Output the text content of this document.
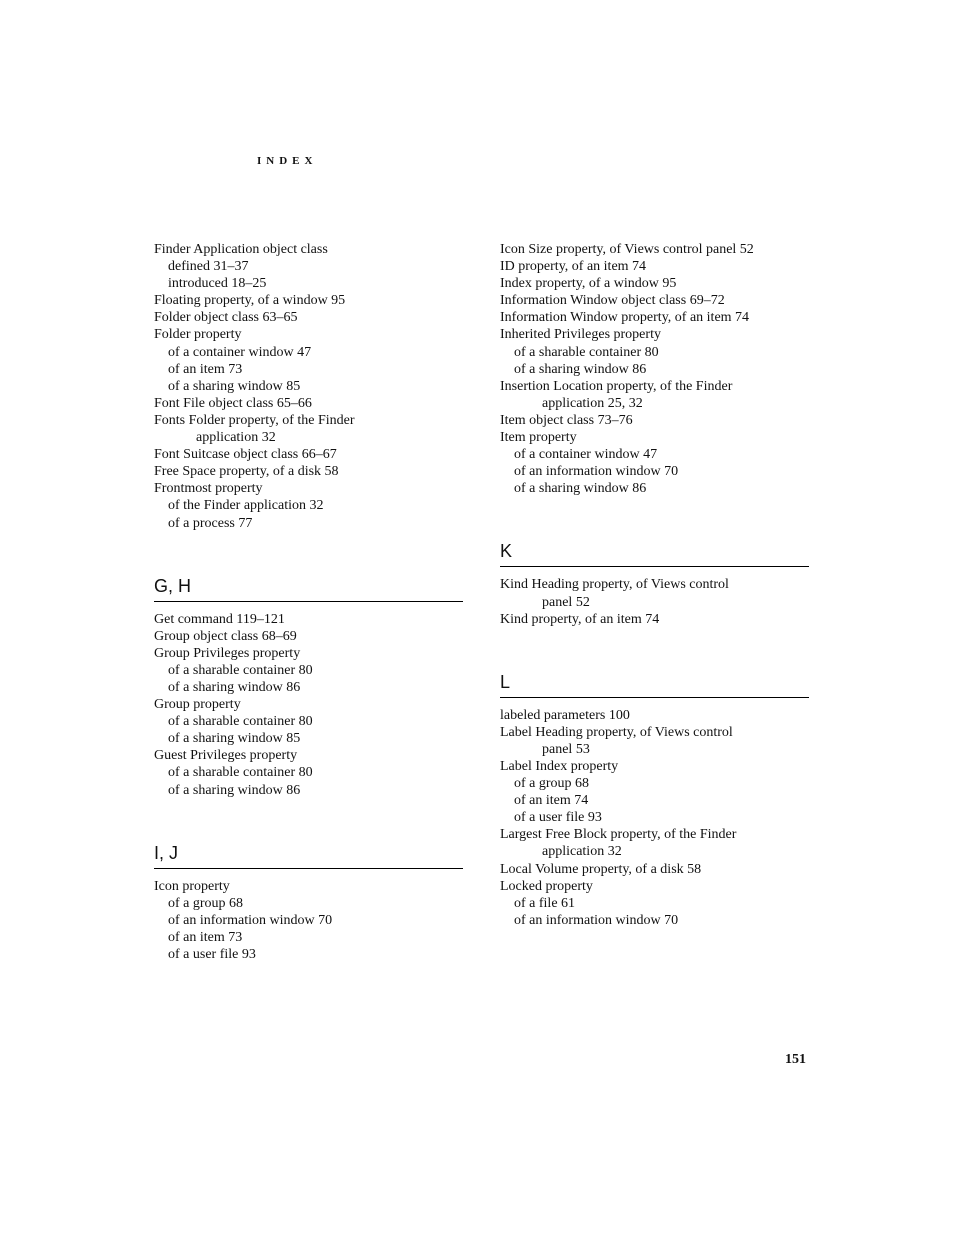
INDEX
Finder Application object class
defined 31–37
introduced 18–25
Floating property, of a window 95
Folder object class 63–65
Folder property
of a container window 47
of an item 73
of a sharing window 85
Font File object class 65–66
Fonts Folder property, of the Finder
application 32
Font Suitcase object class 66–67
Free Space property, of a disk 58
Frontmost property
of the Finder application 32
of a process 77
G, H
Get command 119–121
Group object class 68–69
Group Privileges property
of a sharable container 80
of a sharing window 86
Group property
of a sharable container 80
of a sharing window 85
Guest Privileges property
of a sharable container 80
of a sharing window 86
I, J
Icon property
of a group 68
of an information window 70
of an item 73
of a user file 93
Icon Size property, of Views control panel 52
ID property, of an item 74
Index property, of a window 95
Information Window object class 69–72
Information Window property, of an item 74
Inherited Privileges property
of a sharable container 80
of a sharing window 86
Insertion Location property, of the Finder
application 25, 32
Item object class 73–76
Item property
of a container window 47
of an information window 70
of a sharing window 86
K
Kind Heading property, of Views control
panel 52
Kind property, of an item 74
L
labeled parameters 100
Label Heading property, of Views control
panel 53
Label Index property
of a group 68
of an item 74
of a user file 93
Largest Free Block property, of the Finder
application 32
Local Volume property, of a disk 58
Locked property
of a file 61
of an information window 70
151
